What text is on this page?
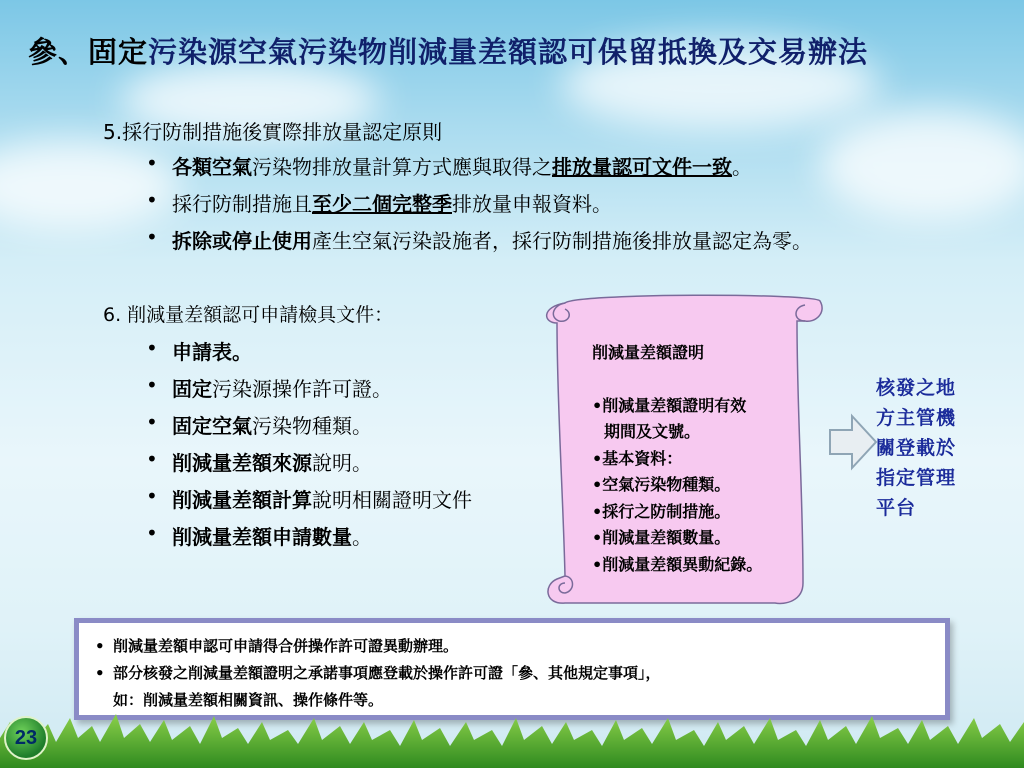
參、固定污染源空氣污染物削減量差額認可保留抵換及交易辦法
5.採行防制措施後實際排放量認定原則
• 各類空氣污染物排放量計算方式應與取得之排放量認可文件一致。
• 採行防制措施且至少二個完整季排放量申報資料。
• 拆除或停止使用產生空氣污染設施者，採行防制措施後排放量認定為零。
6. 削減量差額認可申請檢具文件：
• 申請表。
• 固定污染源操作許可證。
• 固定空氣污染物種類。
• 削減量差額來源說明。
• 削減量差額計算說明相關證明文件
• 削減量差額申請數量。
削減量差額證明
•削減量差額證明有效
期間及文號。
•基本資料：
•空氣污染物種類。
•採行之防制措施。
•削減量差額數量。
•削減量差額異動紀錄。
核發之地
方主管機
關登載於
指定管理
平台
• 削減量差額申認可申請得合併操作許可證異動辦理。
• 部分核發之削減量差額證明之承諾事項應登載於操作許可證「參、其他規定事項」，
如：削減量差額相關資訊、操作條件等。
23
